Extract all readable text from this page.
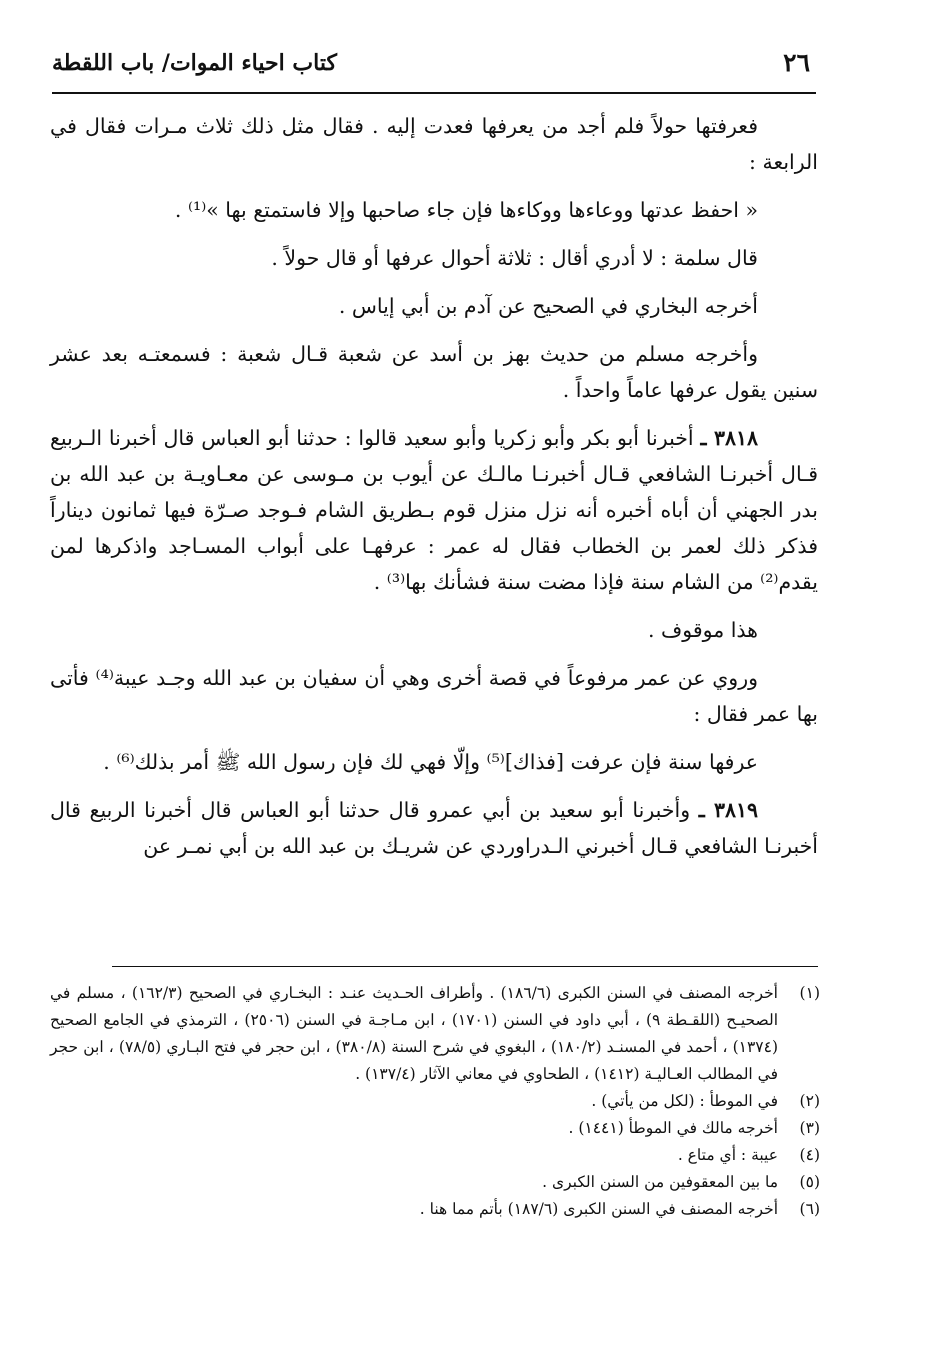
٢٦
كتاب احياء الموات/ باب اللقطة

فعرفتها حولاً فلم أجد من يعرفها فعدت إليه . فقال مثل ذلك ثلاث مـرات فقال في الرابعة :

« احفظ عدتها ووعاءها ووكاءها فإن جاء صاحبها وإلا فاستمتع بها »⁽¹⁾ .

قال سلمة : لا أدري أقال : ثلاثة أحوال عرفها أو قال حولاً .

أخرجه البخاري في الصحيح عن آدم بن أبي إياس .

وأخرجه مسلم من حديث بهز بن أسد عن شعبة قـال شعبة : فسمعتـه بعد عشر سنين يقول عرفها عاماً واحداً .

٣٨١٨ ـ أخبرنا أبو بكر وأبو زكريا وأبو سعيد قالوا : حدثنا أبو العباس قال أخبرنا الـربيع قـال أخبرنـا الشافعي قـال أخبرنـا مالـك عن أيوب بن مـوسى عن معـاويـة بن عبد الله بن بدر الجهني أن أباه أخبره أنه نزل منزل قوم بـطريق الشام فـوجد صـرّة فيها ثمانون ديناراً فذكر ذلك لعمر بن الخطاب فقال له عمر : عرفهـا على أبواب المسـاجد واذكرها لمن يقدم⁽²⁾ من الشام سنة فإذا مضت سنة فشأنك بها⁽³⁾ .

هذا موقوف .

وروي عن عمر مرفوعاً في قصة أخرى وهي أن سفيان بن عبد الله وجـد عيبة⁽⁴⁾ فأتى بها عمر فقال :

عرفها سنة فإن عرفت [فذاك]⁽⁵⁾ وإلّا فهي لك فإن رسول الله ﷺ أمر بذلك⁽⁶⁾ .

٣٨١٩ ـ وأخبرنا أبو سعيد بن أبي عمرو قال حدثنا أبو العباس قال أخبرنا الربيع قال أخبرنـا الشافعي قـال أخبرني الـدراوردي عن شريـك بن عبد الله بن أبي نمـر عن

(١)
أخرجه المصنف في السنن الكبرى (١٨٦/٦) . وأطراف الحـديث عنـد : البخـاري في الصحيح (١٦٢/٣) ، مسلم في الصحيـح (اللقـطة ٩) ، أبي داود في السنن (١٧٠١) ، ابن مـاجـة في السنن (٢٥٠٦) ، الترمذي في الجامع الصحيح (١٣٧٤) ، أحمد في المسنـد (١٨٠/٢) ، البغوي في شرح السنة (٣٨٠/٨) ، ابن حجر في فتح البـاري (٧٨/٥) ، ابن حجر في المطالب العـاليـة (١٤١٢) ، الطحاوي في معاني الآثار (١٣٧/٤) .
(٢)
في الموطأ : (لكل من يأتي) .
(٣)
أخرجه مالك في الموطأ (١٤٤١) .
(٤)
عيبة : أي متاع .
(٥)
ما بين المعقوفين من السنن الكبرى .
(٦)
أخرجه المصنف في السنن الكبرى (١٨٧/٦) بأتم مما هنا .
